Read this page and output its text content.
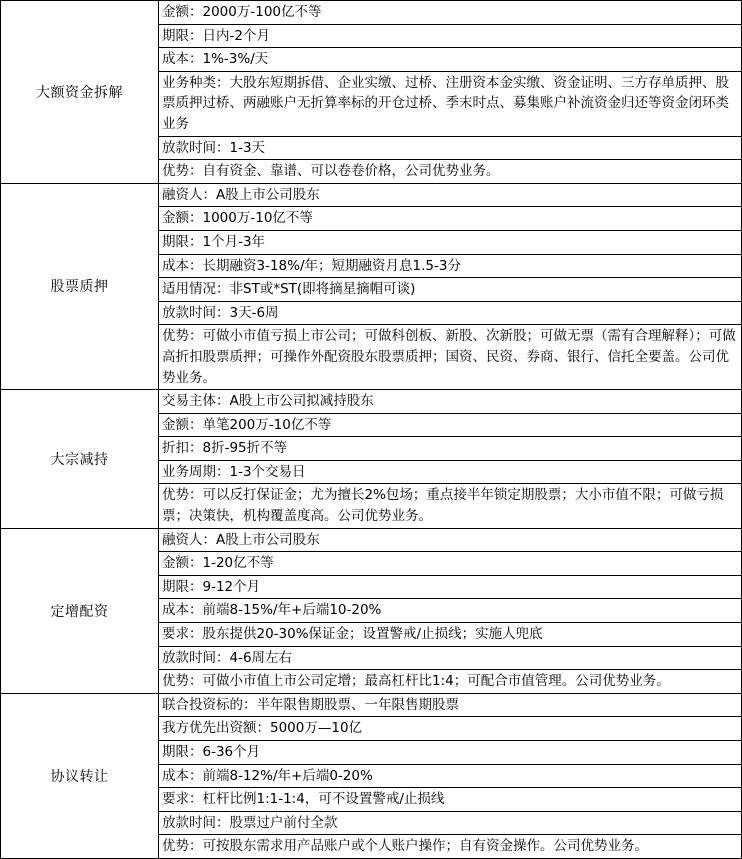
大额资金拆解	金额：2000万-100亿不等
	期限：日内-2个月
	成本：1%-3%/天
	业务种类：大股东短期拆借、企业实缴、过桥、注册资本金实缴、资金证明、三方存单质押、股票质押过桥、两融账户无折算率标的开仓过桥、季末时点、募集账户补流资金归还等资金闭环类业务
	放款时间：1-3天
	优势：自有资金、靠谱、可以卷卷价格，公司优势业务。
股票质押	融资人：A股上市公司股东
	金额：1000万-10亿不等
	期限：1个月-3年
	成本：长期融资3-18%/年；短期融资月息1.5-3分
	适用情况：非ST或*ST(即将摘星摘帽可谈)
	放款时间：3天-6周
	优势：可做小市值亏损上市公司；可做科创板、新股、次新股；可做无票（需有合理解释）；可做高折扣股票质押；可操作外配资股东股票质押；国资、民资、券商、银行、信托全要盖。公司优势业务。
大宗减持	交易主体：A股上市公司拟减持股东
	金额：单笔200万-10亿不等
	折扣：8折-95折不等
	业务周期：1-3个交易日
	优势：可以反打保证金；尤为擅长2%包场；重点接半年锁定期股票；大小市值不限；可做亏损票；决策快，机构覆盖度高。公司优势业务。
定增配资	融资人：A股上市公司股东
	金额：1-20亿不等
	期限：9-12个月
	成本：前端8-15%/年+后端10-20%
	要求：股东提供20-30%保证金；设置警戒/止损线；实施人兜底
	放款时间：4-6周左右
	优势：可做小市值上市公司定增；最高杠杆比1:4；可配合市值管理。公司优势业务。
协议转让	联合投资标的：半年限售期股票、一年限售期股票
	我方优先出资额：5000万—10亿
	期限：6-36个月
	成本：前端8-12%/年+后端0-20%
	要求：杠杆比例1:1-1:4，可不设置警戒/止损线
	放款时间：股票过户前付全款
	优势：可按股东需求用产品账户或个人账户操作；自有资金操作。公司优势业务。
